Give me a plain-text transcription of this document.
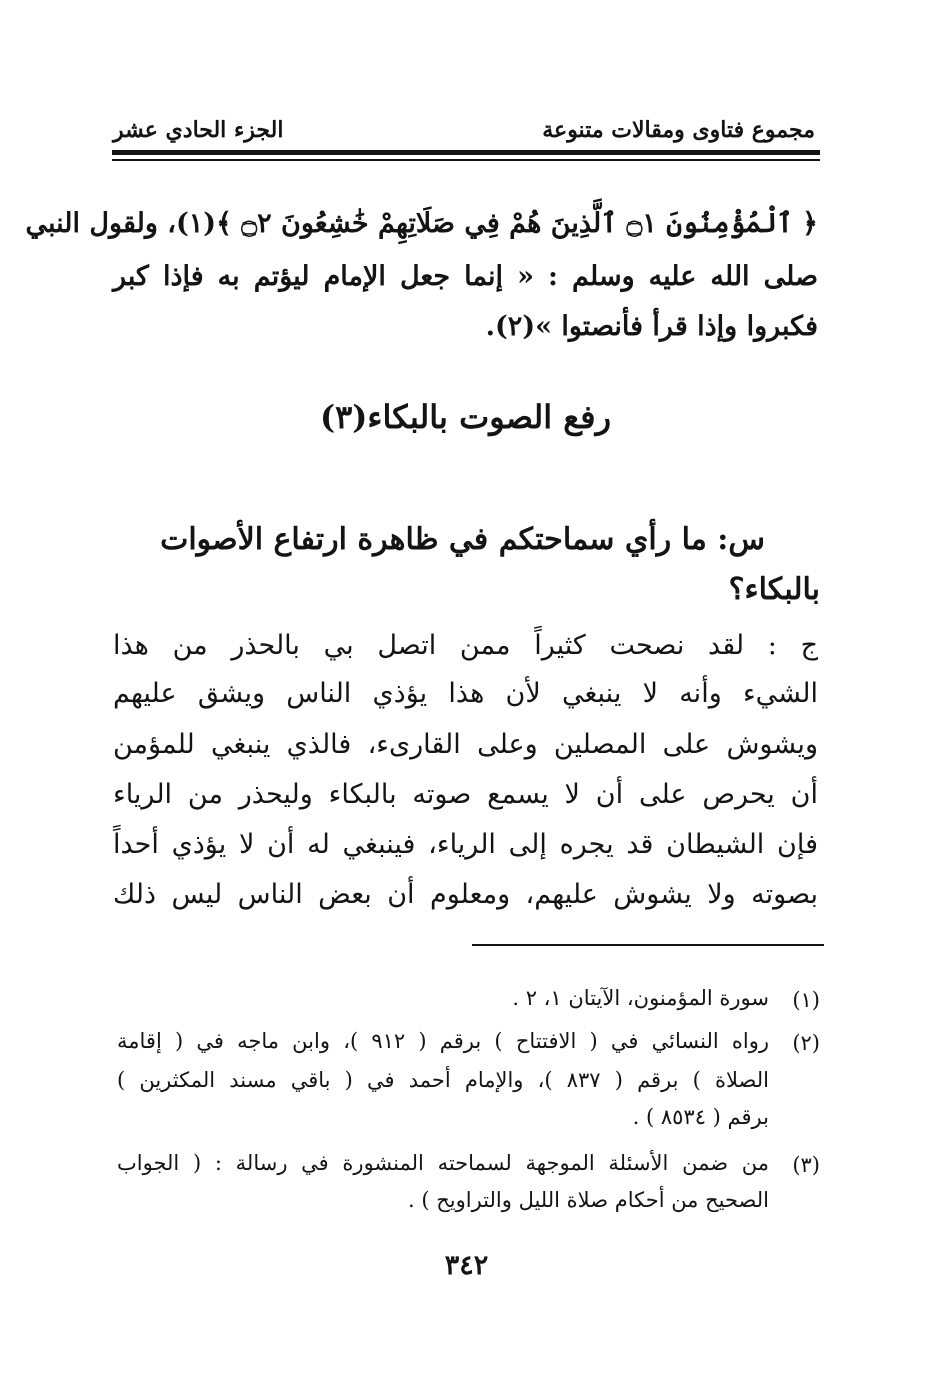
مجموع فتاوى ومقالات متنوعة
الجزء الحادي عشر
﴿ ٱلْمُؤْمِنُونَ ۝١ ٱلَّذِينَ هُمْ فِي صَلَاتِهِمْ خَٰشِعُونَ ۝٢ ﴾(١)، ولقول النبي
صلى الله عليه وسلم : « إنما جعل الإمام ليؤتم به فإذا كبر
فكبروا وإذا قرأ فأنصتوا »(٢).
رفع الصوت بالبكاء(٣)
س: ما رأي سماحتكم في ظاهرة ارتفاع الأصوات
بالبكاء؟
ج : لقد نصحت كثيراً ممن اتصل بي بالحذر من هذا
الشيء وأنه لا ينبغي لأن هذا يؤذي الناس ويشق عليهم
ويشوش على المصلين وعلى القارىء، فالذي ينبغي للمؤمن
أن يحرص على أن لا يسمع صوته بالبكاء وليحذر من الرياء
فإن الشيطان قد يجره إلى الرياء، فينبغي له أن لا يؤذي أحداً
بصوته ولا يشوش عليهم، ومعلوم أن بعض الناس ليس ذلك
(١)
سورة المؤمنون، الآيتان ١، ٢ .
(٢)
رواه النسائي في ( الافتتاح ) برقم ( ٩١٢ )، وابن ماجه في ( إقامة
الصلاة ) برقم ( ٨٣٧ )، والإمام أحمد في ( باقي مسند المكثرين )
برقم ( ٨٥٣٤ ) .
(٣)
من ضمن الأسئلة الموجهة لسماحته المنشورة في رسالة : ( الجواب
الصحيح من أحكام صلاة الليل والتراويح ) .
٣٤٢
